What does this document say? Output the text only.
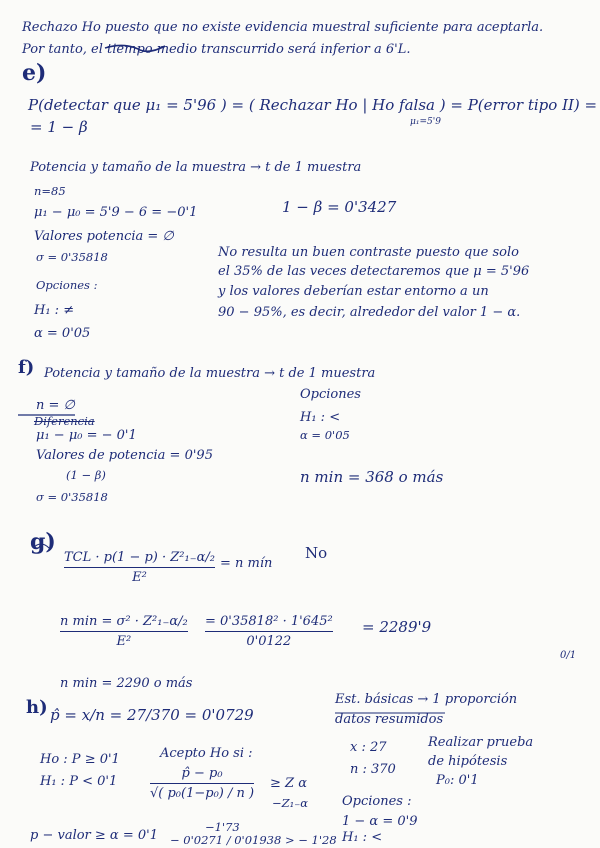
Rechazo Ho puesto que no existe evidencia muestral suficiente para aceptarla.
Por tanto, el tiempo medio transcurrido será inferior a 6'L.
e)
P(detectar que μ₁ = 5'96 ) = ( Rechazar Ho | Ho falsa ) = P(error tipo II) =
μ₁=5'9
= 1 − β
Potencia y tamaño de la muestra → t de 1 muestra
n=85
μ₁ − μ₀ = 5'9 − 6 = −0'1
Valores potencia = ∅
σ = 0'35818
Opciones :
H₁ : ≠
α = 0'05
1 − β = 0'3427
No resulta un buen contraste puesto que solo
el 35% de las veces detectaremos que μ = 5'96
y los valores deberían estar entorno a un
90 − 95%, es decir, alrededor del valor 1 − α.
f) Potencia y tamaño de la muestra → t de 1 muestra
n = ∅
Diferencia
μ₁ − μ₀ = − 0'1
Valores de potencia = 0'95
(1 − β)
σ = 0'35818
Opciones
H₁ : <
α = 0'05
n min = 368 o más
g)
TCL · p(1 − p) · Z²₁₋α/₂
E²
= n mín
No
n min = σ² · Z²₁₋α/₂
E²
= 0'35818² · 1'645²
0'0122
= 2289'9
n min = 2290 o más
0/1
h) p̂ = x/n = 27/370 = 0'0729
Ho : P ≥ 0'1
H₁ : P < 0'1
Acepto Ho si :
p̂ − p₀
√( p₀(1−p₀) / n )
≥ Z α
−Z₁₋α
p − valor ≥ α = 0'1
−1'73
− 0'0271 / 0'01938 > − 1'28
Est. básicas → 1 proporción
datos resumidos
x : 27
n : 370
Realizar prueba
de hipótesis
P₀: 0'1
Opciones :
1 − α = 0'9
H₁ : <
